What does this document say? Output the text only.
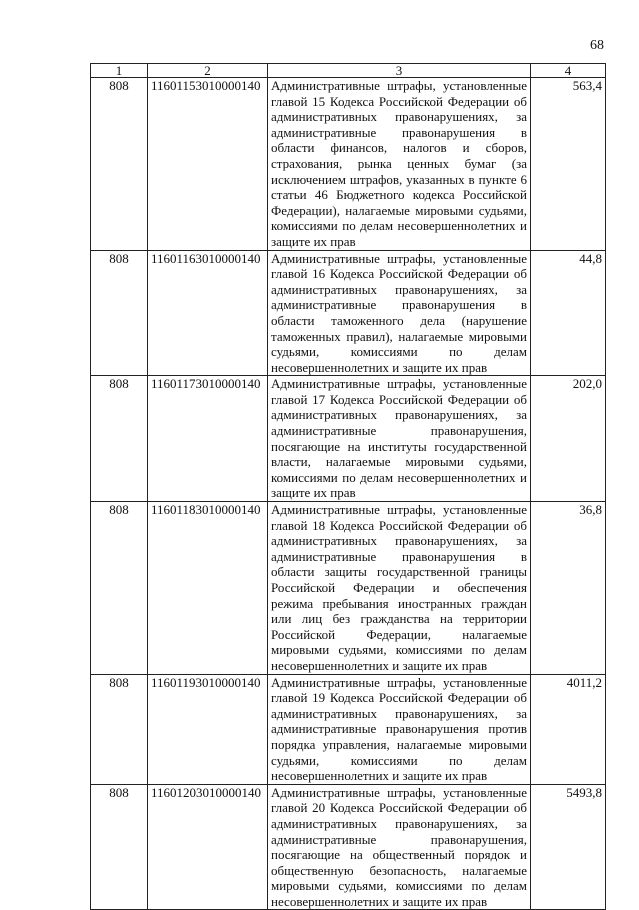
68
1	2	3	4
808	11601153010000140	Административные штрафы, установленные главой 15 Кодекса Российской Федерации об административных правонарушениях, за административные правонарушения в области финансов, налогов и сборов, страхования, рынка ценных бумаг (за исключением штрафов, указанных в пункте 6 статьи 46 Бюджетного кодекса Российской Федерации), налагаемые мировыми судьями, комиссиями по делам несовершеннолетних и защите их прав	563,4
808	11601163010000140	Административные штрафы, установленные главой 16 Кодекса Российской Федерации об административных правонарушениях, за административные правонарушения в области таможенного дела (нарушение таможенных правил), налагаемые мировыми судьями, комиссиями по делам несовершеннолетних и защите их прав	44,8
808	11601173010000140	Административные штрафы, установленные главой 17 Кодекса Российской Федерации об административных правонарушениях, за административные правонарушения, посягающие на институты государственной власти, налагаемые мировыми судьями, комиссиями по делам несовершеннолетних и защите их прав	202,0
808	11601183010000140	Административные штрафы, установленные главой 18 Кодекса Российской Федерации об административных правонарушениях, за административные правонарушения в области защиты государственной границы Российской Федерации и обеспечения режима пребывания иностранных граждан или лиц без гражданства на территории Российской Федерации, налагаемые мировыми судьями, комиссиями по делам несовершеннолетних и защите их прав	36,8
808	11601193010000140	Административные штрафы, установленные главой 19 Кодекса Российской Федерации об административных правонарушениях, за административные правонарушения против порядка управления, налагаемые мировыми судьями, комиссиями по делам несовершеннолетних и защите их прав	4011,2
808	11601203010000140	Административные штрафы, установленные главой 20 Кодекса Российской Федерации об административных правонарушениях, за административные правонарушения, посягающие на общественный порядок и общественную безопасность, налагаемые мировыми судьями, комиссиями по делам несовершеннолетних и защите их прав	5493,8
